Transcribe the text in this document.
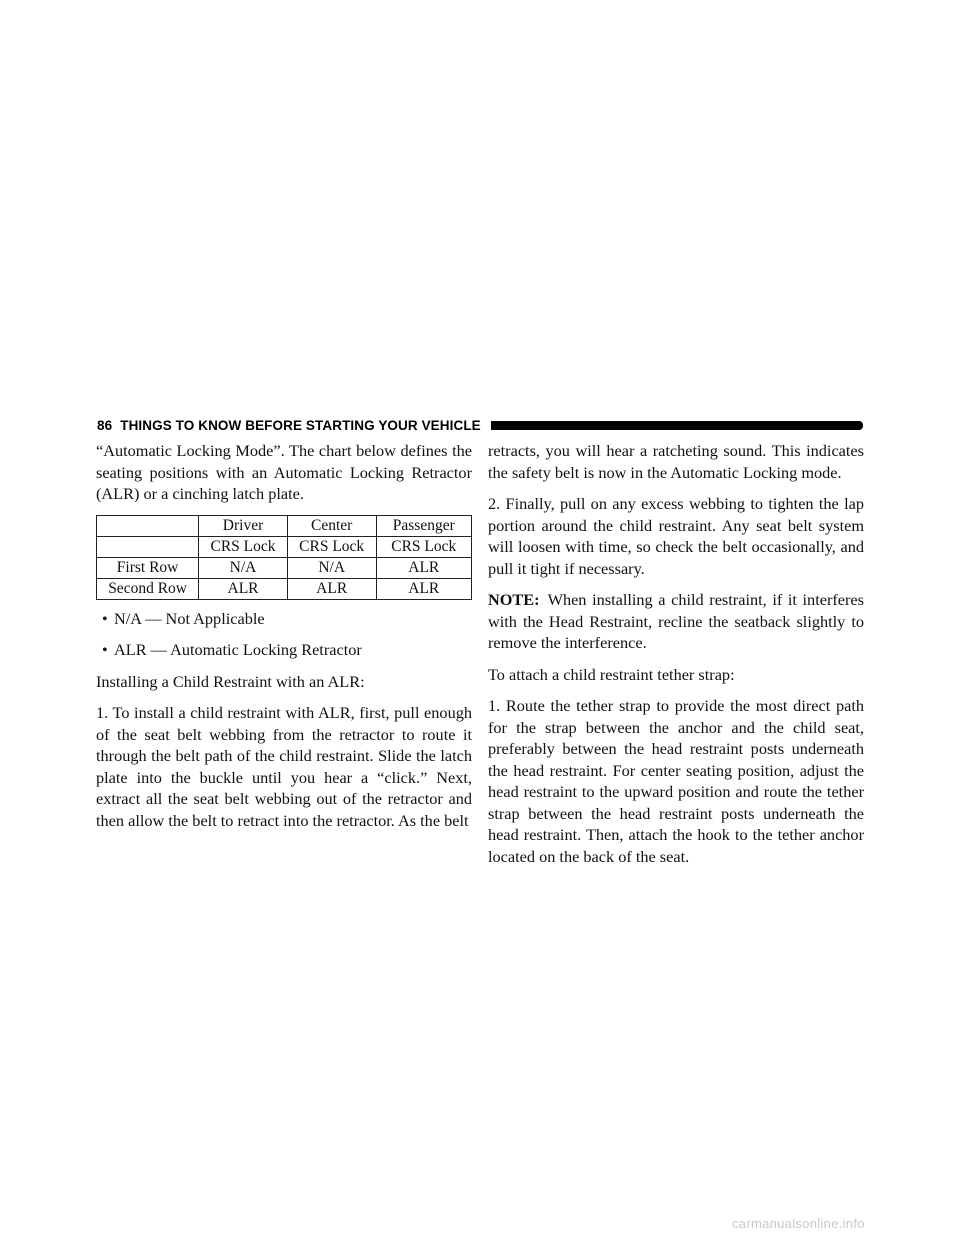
86 THINGS TO KNOW BEFORE STARTING YOUR VEHICLE

“Automatic Locking Mode”. The chart below defines the seating positions with an Automatic Locking Retractor (ALR) or a cinching latch plate.

	Driver	Center	Passenger
	CRS Lock	CRS Lock	CRS Lock
First Row	N/A	N/A	ALR
Second Row	ALR	ALR	ALR
• N/A — Not Applicable
• ALR — Automatic Locking Retractor

Installing a Child Restraint with an ALR:

1. To install a child restraint with ALR, first, pull enough of the seat belt webbing from the retractor to route it through the belt path of the child restraint. Slide the latch plate into the buckle until you hear a “click.” Next, extract all the seat belt webbing out of the retractor and then allow the belt to retract into the retractor. As the belt

retracts, you will hear a ratcheting sound. This indicates the safety belt is now in the Automatic Locking mode.

2. Finally, pull on any excess webbing to tighten the lap portion around the child restraint. Any seat belt system will loosen with time, so check the belt occasionally, and pull it tight if necessary.

NOTE: When installing a child restraint, if it interferes with the Head Restraint, recline the seatback slightly to remove the interference.

To attach a child restraint tether strap:

1. Route the tether strap to provide the most direct path for the strap between the anchor and the child seat, preferably between the head restraint posts underneath the head restraint. For center seating position, adjust the head restraint to the upward position and route the tether strap between the head restraint posts underneath the head restraint. Then, attach the hook to the tether anchor located on the back of the seat.

carmanualsonline.info
